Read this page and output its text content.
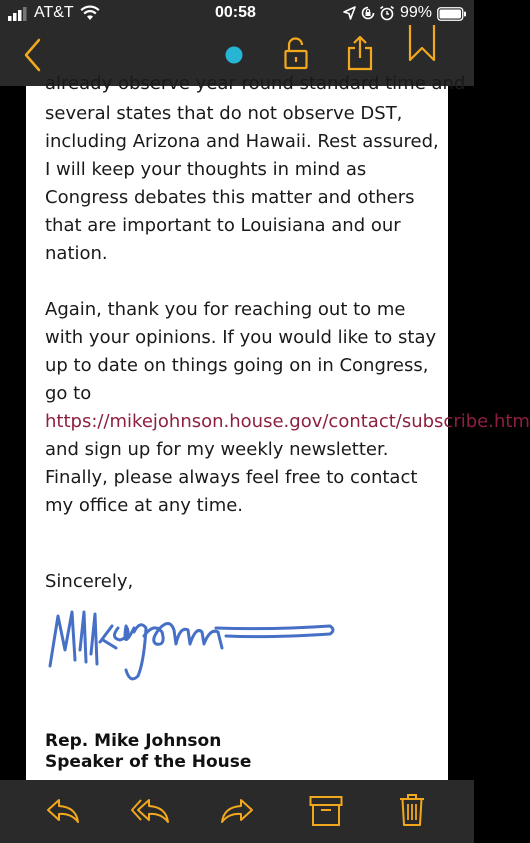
AT&T	00:58	99%
already observe year round standard time and

several states that do not observe DST, including Arizona and Hawaii. Rest assured, I will keep your thoughts in mind as Congress debates this matter and others that are important to Louisiana and our nation.

Again, thank you for reaching out to me with your opinions. If you would like to stay up to date on things going on in Congress, go to https://mikejohnson.house.gov/contact/subscribe.htm and sign up for my weekly newsletter. Finally, please always feel free to contact my office at any time.

Sincerely,
Rep. Mike Johnson
Speaker of the House
